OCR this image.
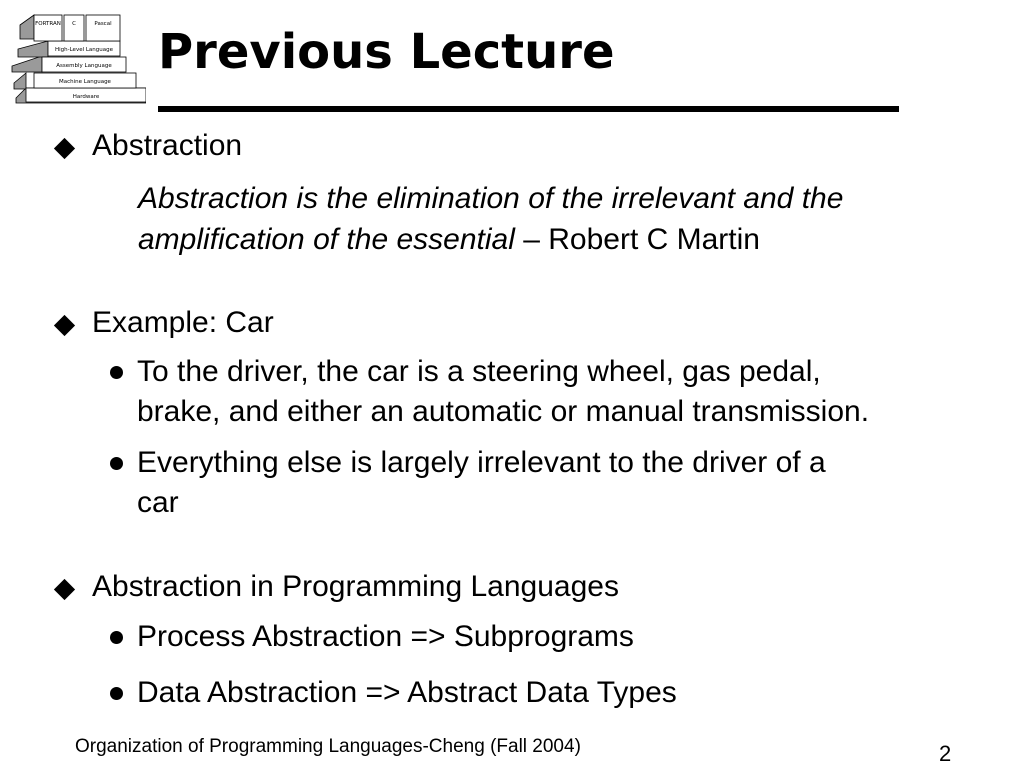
FORTRAN C	Pascal
High-Level Language
Assembly Language
Machine Language
Hardware
Previous Lecture
Abstraction
Abstraction is the elimination of the irrelevant and the
amplification of the essential – Robert C Martin
Example: Car
To the driver, the car is a steering wheel, gas pedal,
brake, and either an automatic or manual transmission.
Everything else is largely irrelevant to the driver of a
car
Abstraction in Programming Languages
Process Abstraction => Subprograms
Data Abstraction => Abstract Data Types
Organization of Programming Languages-Cheng (Fall 2004)	2
